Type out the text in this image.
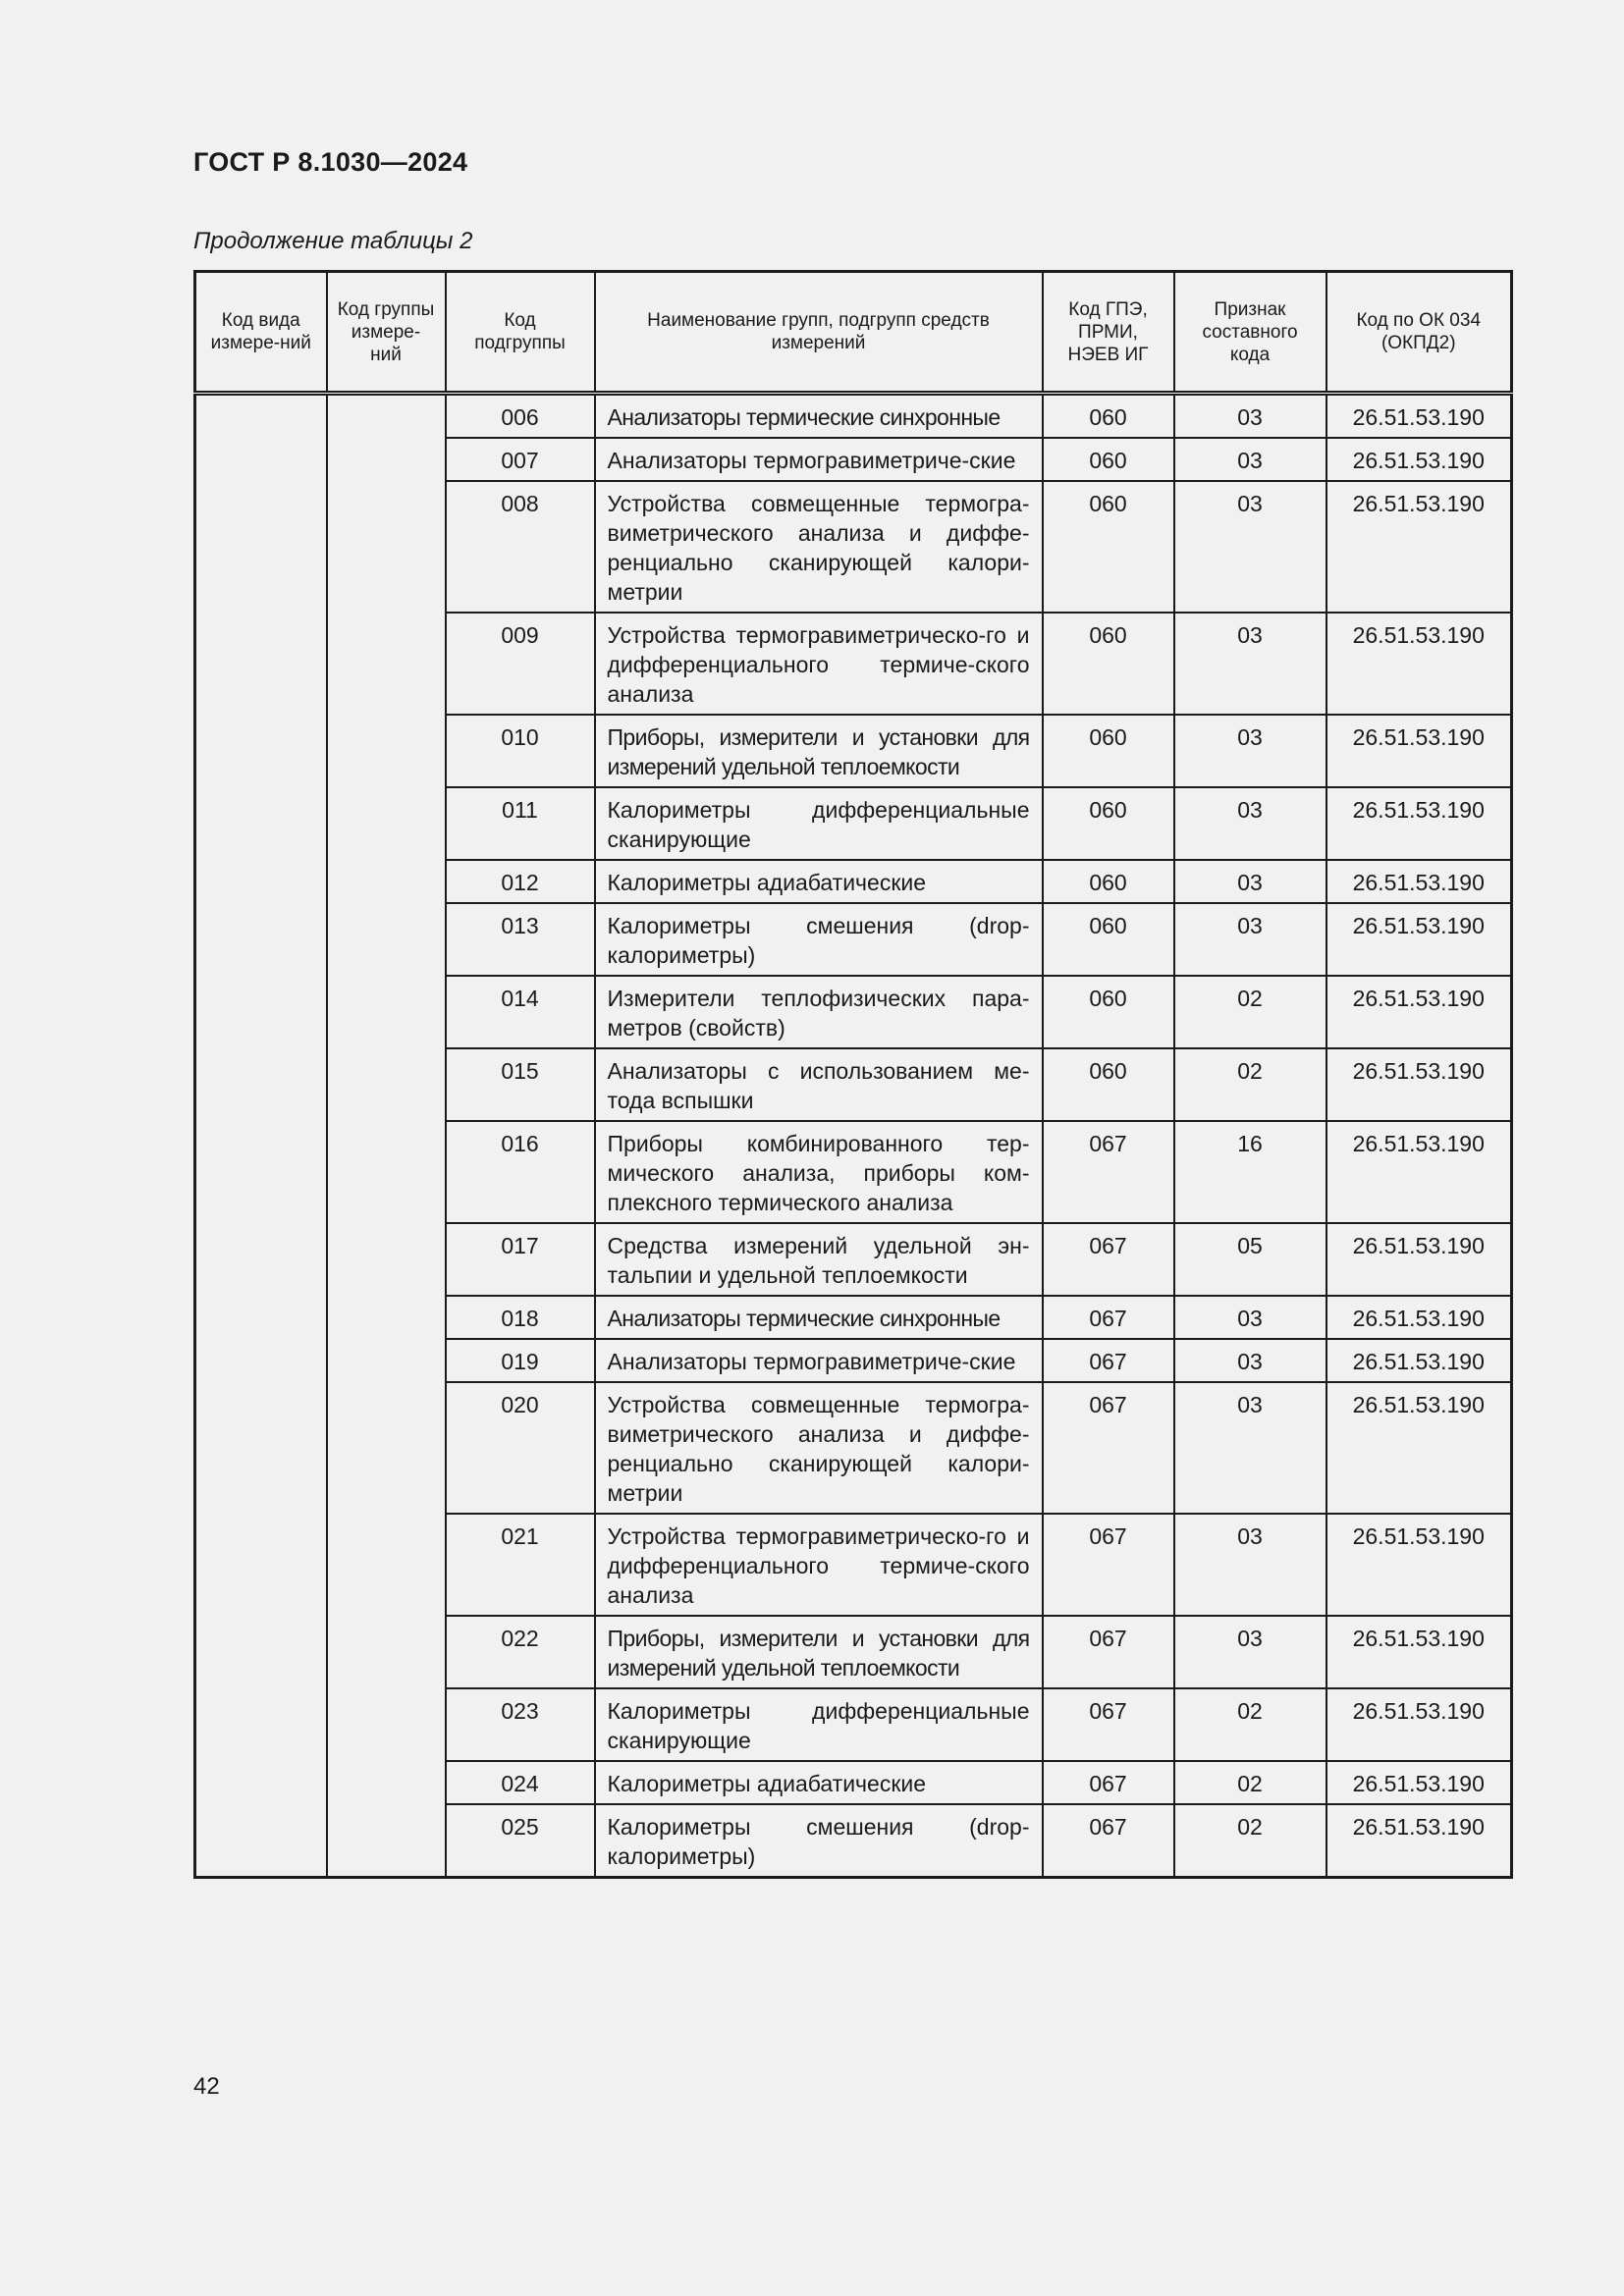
ГОСТ Р 8.1030—2024

Продолжение таблицы 2

Код вида измере-ний	Код группы измере-ний	Код подгруппы	Наименование групп, подгрупп средств измерений	Код ГПЭ, ПРМИ, НЭЕВ ИГ	Признак составного кода	Код по ОК 034 (ОКПД2)
		006	Анализаторы термические синхронные	060	03	26.51.53.190
		007	Анализаторы термогравиметриче-ские	060	03	26.51.53.190
		008	Устройства совмещенные термогра-виметрического анализа и диффе-ренциально сканирующей калори-метрии	060	03	26.51.53.190
		009	Устройства термогравиметрическо-го и дифференциального термиче-ского анализа	060	03	26.51.53.190
		010	Приборы, измерители и установки для измерений удельной теплоемкости	060	03	26.51.53.190
		011	Калориметры дифференциальные сканирующие	060	03	26.51.53.190
		012	Калориметры адиабатические	060	03	26.51.53.190
		013	Калориметры смешения (drop-калориметры)	060	03	26.51.53.190
		014	Измерители теплофизических пара-метров (свойств)	060	02	26.51.53.190
		015	Анализаторы с использованием ме-тода вспышки	060	02	26.51.53.190
		016	Приборы комбинированного тер-мического анализа, приборы ком-плексного термического анализа	067	16	26.51.53.190
		017	Средства измерений удельной эн-тальпии и удельной теплоемкости	067	05	26.51.53.190
		018	Анализаторы термические синхронные	067	03	26.51.53.190
		019	Анализаторы термогравиметриче-ские	067	03	26.51.53.190
		020	Устройства совмещенные термогра-виметрического анализа и диффе-ренциально сканирующей калори-метрии	067	03	26.51.53.190
		021	Устройства термогравиметрическо-го и дифференциального термиче-ского анализа	067	03	26.51.53.190
		022	Приборы, измерители и установки для измерений удельной теплоемкости	067	03	26.51.53.190
		023	Калориметры дифференциальные сканирующие	067	02	26.51.53.190
		024	Калориметры адиабатические	067	02	26.51.53.190
		025	Калориметры смешения (drop-калориметры)	067	02	26.51.53.190

42
